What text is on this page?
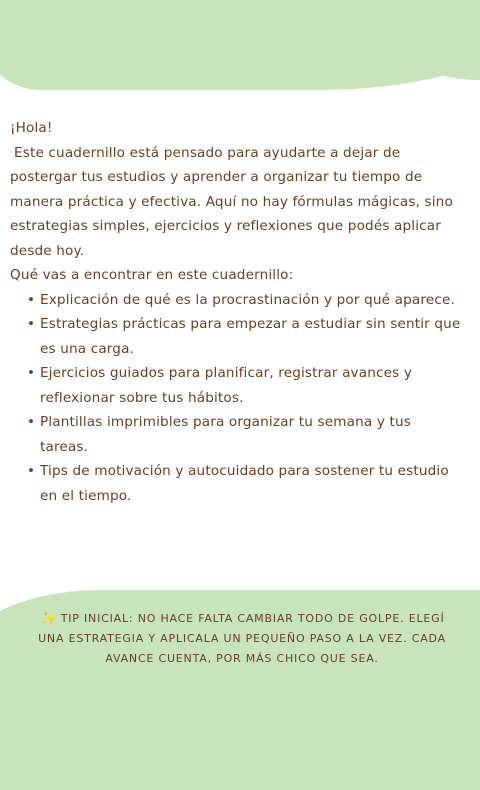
¡Hola!

Este cuadernillo está pensado para ayudarte a dejar de postergar tus estudios y aprender a organizar tu tiempo de manera práctica y efectiva. Aquí no hay fórmulas mágicas, sino estrategias simples, ejercicios y reflexiones que podés aplicar desde hoy.

Qué vas a encontrar en este cuadernillo:

• Explicación de qué es la procrastinación y por qué aparece.
• Estrategias prácticas para empezar a estudiar sin sentir que es una carga.
• Ejercicios guiados para planificar, registrar avances y reflexionar sobre tus hábitos.
• Plantillas imprimibles para organizar tu semana y tus tareas.
• Tips de motivación y autocuidado para sostener tu estudio en el tiempo.
✨ TIP INICIAL: NO HACE FALTA CAMBIAR TODO DE GOLPE. ELEGÍ UNA ESTRATEGIA Y APLICALA UN PEQUEÑO PASO A LA VEZ. CADA AVANCE CUENTA, POR MÁS CHICO QUE SEA.
